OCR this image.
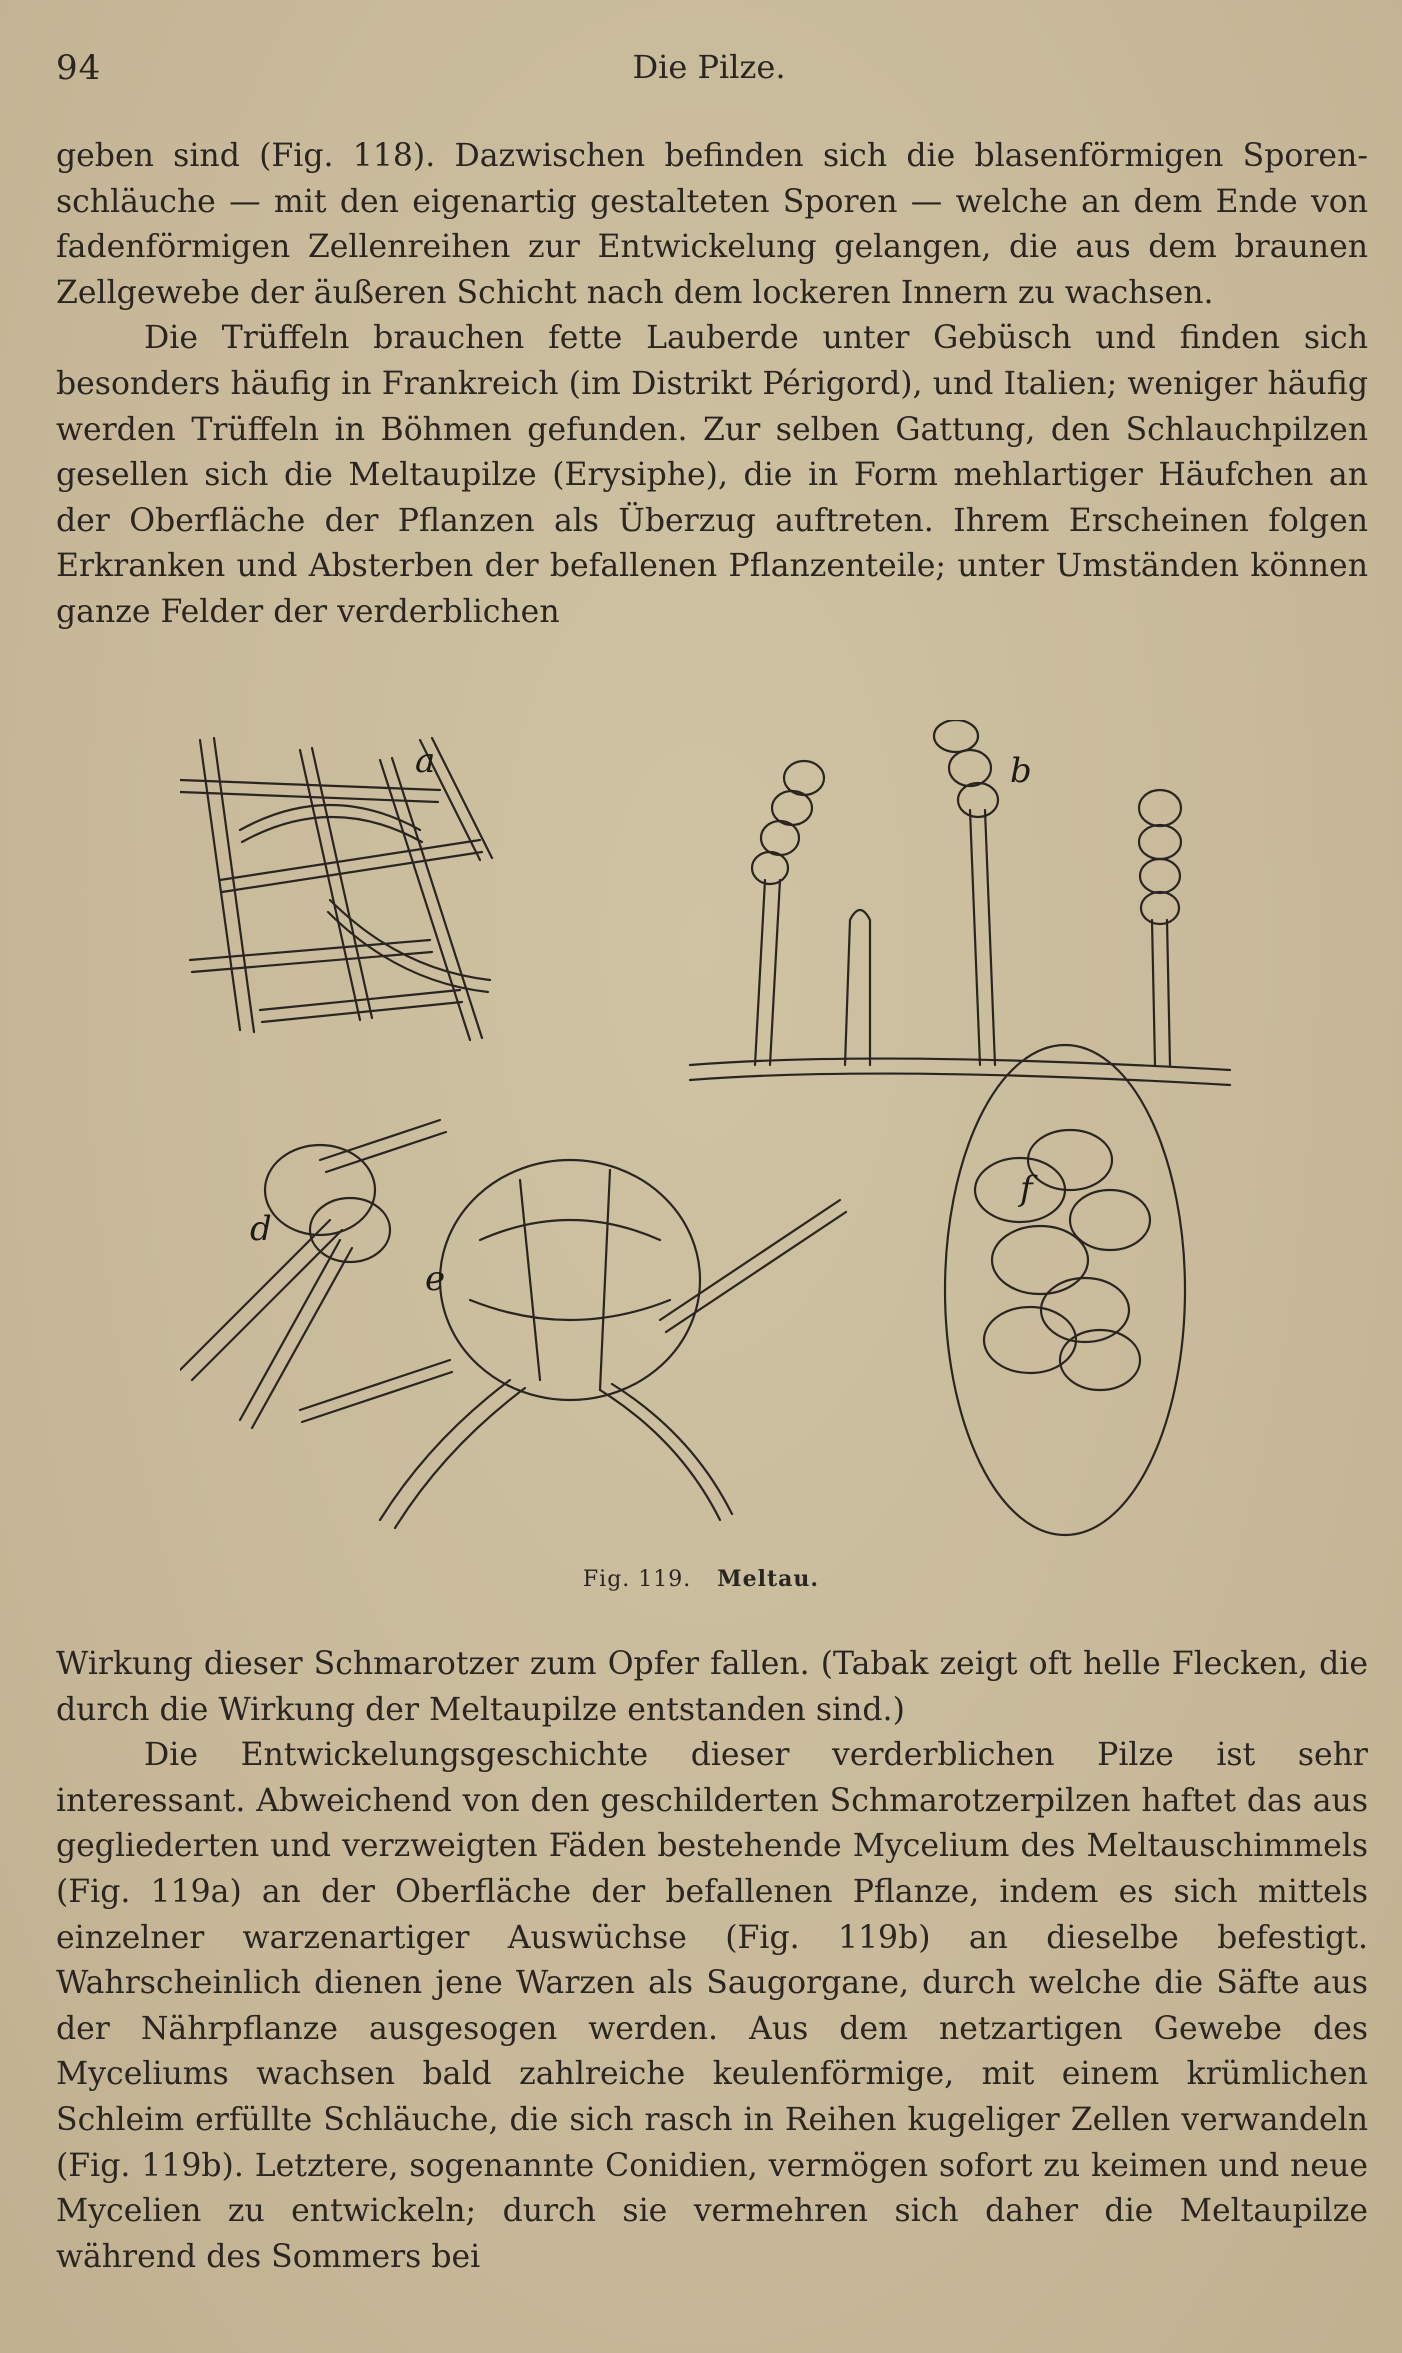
94	Die Pilze.

geben sind (Fig. 118). Dazwischen befinden sich die blasenförmigen Sporenschläuche — mit den eigenartig gestalteten Sporen — welche an dem Ende von fadenförmigen Zellenreihen zur Entwickelung gelangen, die aus dem braunen Zellgewebe der äußeren Schicht nach dem lockeren Innern zu wachsen.

Die Trüffeln brauchen fette Lauberde unter Gebüsch und finden sich besonders häufig in Frankreich (im Distrikt Périgord), und Italien; weniger häufig werden Trüffeln in Böhmen gefunden. Zur selben Gattung, den Schlauchpilzen gesellen sich die Meltaupilze (Erysiphe), die in Form mehlartiger Häufchen an der Oberfläche der Pflanzen als Überzug auftreten. Ihrem Erscheinen folgen Erkranken und Absterben der befallenen Pflanzenteile; unter Umständen können ganze Felder der verderblichen

a	b
d
e
f
Fig. 119. Meltau.

Wirkung dieser Schmarotzer zum Opfer fallen. (Tabak zeigt oft helle Flecken, die durch die Wirkung der Meltaupilze entstanden sind.)

Die Entwickelungsgeschichte dieser verderblichen Pilze ist sehr interessant. Abweichend von den geschilderten Schmarotzerpilzen haftet das aus gegliederten und verzweigten Fäden bestehende Mycelium des Meltauschimmels (Fig. 119a) an der Oberfläche der befallenen Pflanze, indem es sich mittels einzelner warzenartiger Auswüchse (Fig. 119b) an dieselbe befestigt. Wahrscheinlich dienen jene Warzen als Saugorgane, durch welche die Säfte aus der Nährpflanze ausgesogen werden. Aus dem netzartigen Gewebe des Myceliums wachsen bald zahlreiche keulenförmige, mit einem krümlichen Schleim erfüllte Schläuche, die sich rasch in Reihen kugeliger Zellen verwandeln (Fig. 119b). Letztere, sogenannte Conidien, vermögen sofort zu keimen und neue Mycelien zu entwickeln; durch sie vermehren sich daher die Meltaupilze während des Sommers bei
